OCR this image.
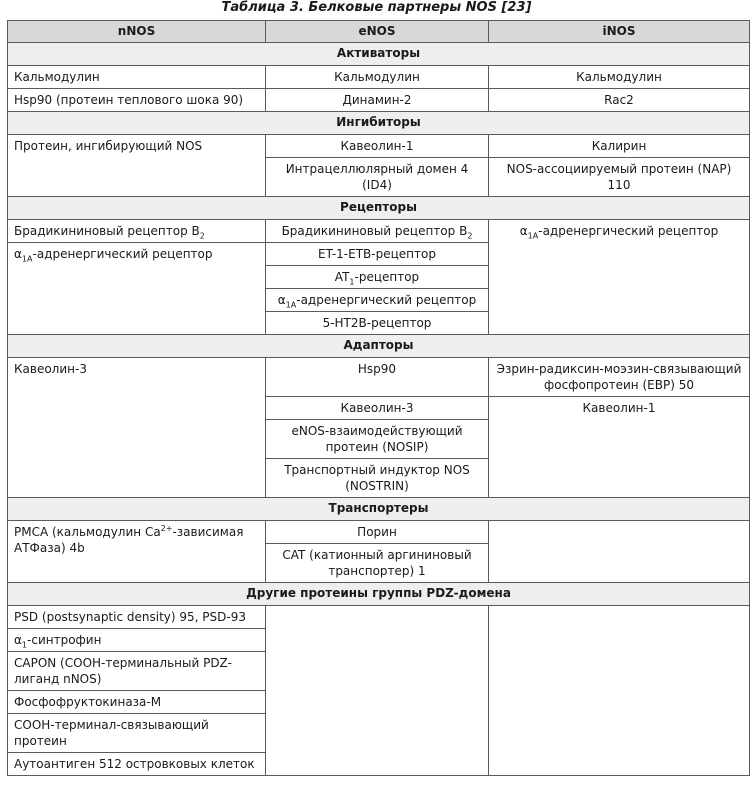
Таблица 3. Белковые партнеры NOS [23]
nNOS	eNOS	iNOS
Активаторы		
Кальмодулин	Кальмодулин	Кальмодулин
Hsp90 (протеин теплового шока 90)	Динамин-2	Rac2
Ингибиторы		
Протеин, ингибирующий NOS	Кавеолин-1	Калирин
	Интрацеллюлярный домен 4 (ID4)	NOS-ассоциируемый протеин (NAP) 110
Рецепторы		
Брадикининовый рецептор $B_2$	Брадикининовый рецептор $B_2$	$\alpha_{1A}$-адренергический рецептор
$\alpha_{1A}$-адренергический рецептор	ET-1-ETB-рецептор	
	$AT_1$-рецептор	
	$\alpha_{1A}$-адренергический рецептор	
	5-HT2B-рецептор	
Адапторы		
Кавеолин-3	Hsp90	Эзрин-радиксин-моэзин-связывающий фосфопротеин (EBP) 50
	Кавеолин-3	Кавеолин-1
	eNOS-взаимодействующий протеин (NOSIP)	
	Транспортный индуктор NOS (NOSTRIN)	
Транспортеры		
PMCA (кальмодулин $Ca^{2+}$-зависимая АТФаза) 4b	Порин	
	CAT (катионный аргининовый транспортер) 1	
Другие протеины группы PDZ-домена		
PSD (postsynaptic density) 95, PSD-93		
$\alpha_1$-синтрофин		
CAPON (COOH-терминальный PDZ-лиганд nNOS)		
Фосфофруктокиназа-М		
COOH-терминал-связывающий протеин		
Аутоантиген 512 островковых клеток		
